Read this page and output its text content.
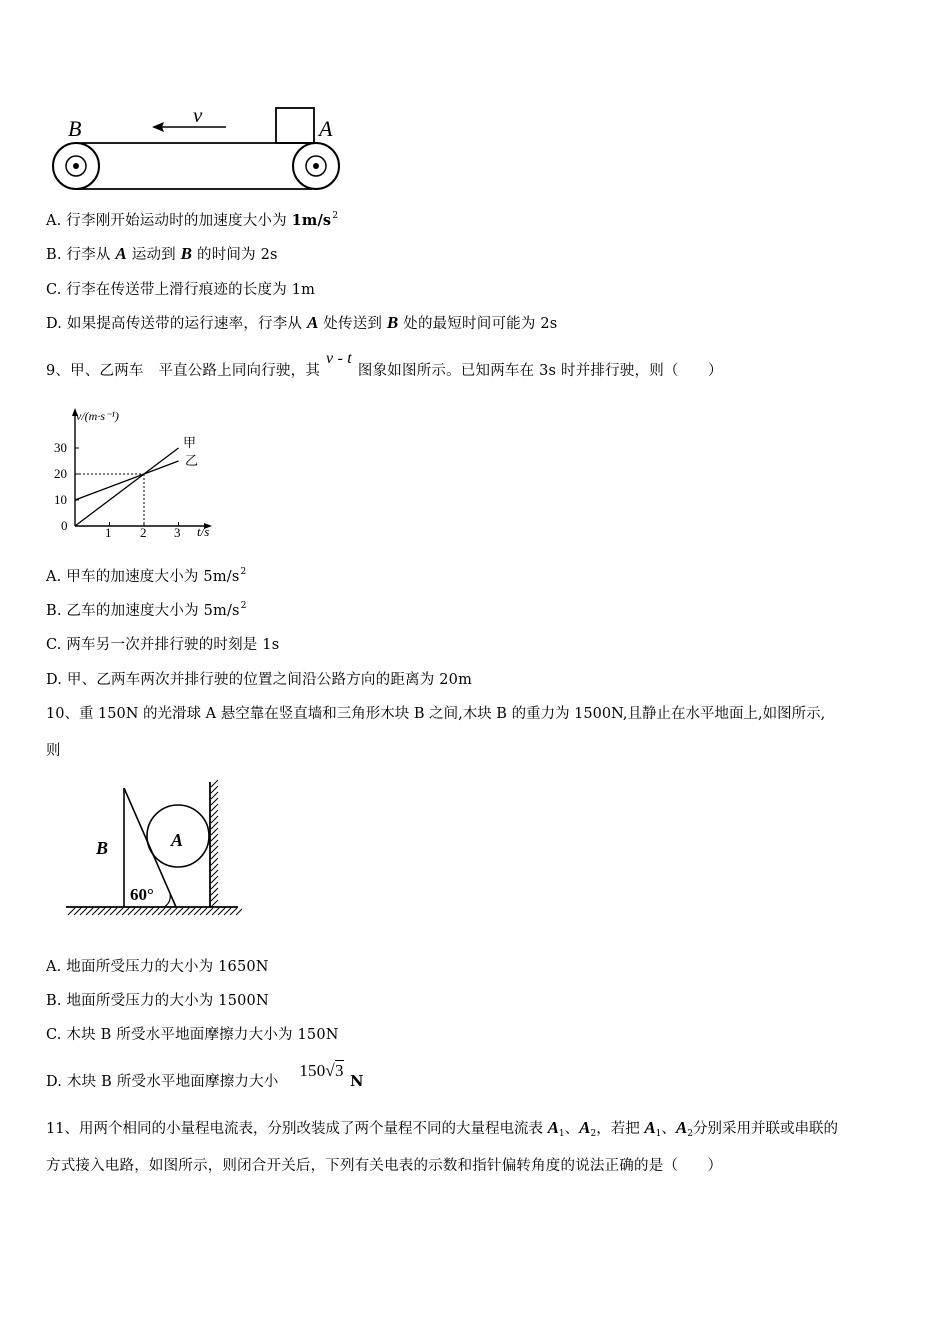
B	A
v
A. 行李刚开始运动时的加速度大小为 $1m/s^2$
B. 行李从 A 运动到 B 的时间为 2s
C. 行李在传送带上滑行痕迹的长度为 1m
D. 如果提高传送带的运行速率，行李从 A 处传送到 B 处的最短时间可能为 2s
9、甲、乙两车　平直公路上同向行驶，其v - t图象如图所示。已知两车在 3s 时并排行驶，则（　　）
v/(m·s⁻¹)
t/s
30
20
10
0	1 2 3
甲
乙
A. 甲车的加速度大小为 $5m/s^2$
B. 乙车的加速度大小为 $5m/s^2$
C. 两车另一次并排行驶的时刻是 1s
D. 甲、乙两车两次并排行驶的位置之间沿公路方向的距离为 20m
10、重 150N 的光滑球 A 悬空靠在竖直墙和三角形木块 B 之间,木块 B 的重力为 1500N,且静止在水平地面上,如图所示,
则
B	A
60°
A. 地面所受压力的大小为 1650N
B. 地面所受压力的大小为 1500N
C. 木块 B 所受水平地面摩擦力大小为 150N
D. 木块 B 所受水平地面摩擦力大小 150√3 N
11、用两个相同的小量程电流表，分别改装成了两个量程不同的大量程电流表 $A_1$、$A_2$，若把 $A_1$、$A_2$分别采用并联或串联的
方式接入电路，如图所示，则闭合开关后，下列有关电表的示数和指针偏转角度的说法正确的是（　　）
